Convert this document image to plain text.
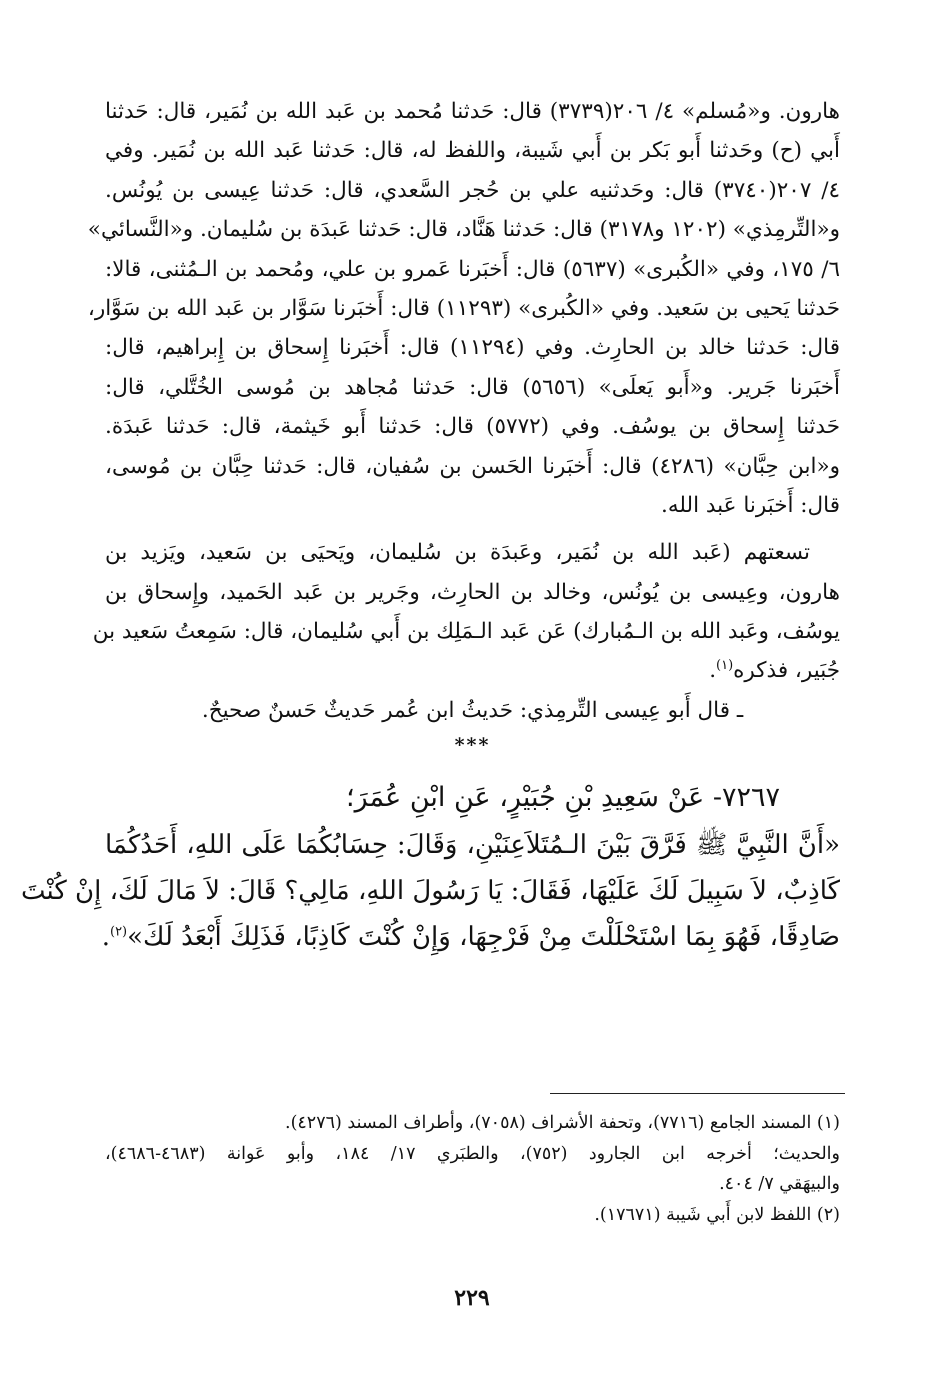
هارون. و«مُسلم» ٤/ ٢٠٦(٣٧٣٩) قال: حَدثنا مُحمد بن عَبد الله بن نُمَير، قال: حَدثنا
أَبي (ح) وحَدثنا أَبو بَكر بن أَبي شَيبة، واللفظ له، قال: حَدثنا عَبد الله بن نُمَير. وفي
٤/ ٢٠٧(٣٧٤٠) قال: وحَدثنيه علي بن حُجر السَّعدي، قال: حَدثنا عِيسى بن يُونُس.
و«التِّرمِذي» (١٢٠٢ و٣١٧٨) قال: حَدثنا هَنَّاد، قال: حَدثنا عَبدَة بن سُليمان. و«النَّسائي»
٦/ ١٧٥، وفي «الكُبرى» (٥٦٣٧) قال: أَخبَرنا عَمرو بن علي، ومُحمد بن الـمُثنى، قالا:
حَدثنا يَحيى بن سَعيد. وفي «الكُبرى» (١١٢٩٣) قال: أَخبَرنا سَوَّار بن عَبد الله بن سَوَّار،
قال: حَدثنا خالد بن الحارِث. وفي (١١٢٩٤) قال: أَخبَرنا إِسحاق بن إِبراهيم، قال:
أَخبَرنا جَرير. و«أَبو يَعلَى» (٥٦٥٦) قال: حَدثنا مُجاهد بن مُوسى الخُتَّلي، قال:
حَدثنا إِسحاق بن يوسُف. وفي (٥٧٧٢) قال: حَدثنا أَبو خَيثمة، قال: حَدثنا عَبدَة.
و«ابن حِبَّان» (٤٢٨٦) قال: أَخبَرنا الحَسن بن سُفيان، قال: حَدثنا حِبَّان بن مُوسى،
قال: أَخبَرنا عَبد الله.
تسعتهم (عَبد الله بن نُمَير، وعَبدَة بن سُليمان، ويَحيَى بن سَعيد، ويَزيد بن
هارون، وعِيسى بن يُونُس، وخالد بن الحارِث، وجَرير بن عَبد الحَميد، وإِسحاق بن
يوسُف، وعَبد الله بن الـمُبارك) عَن عَبد الـمَلِك بن أَبي سُليمان، قال: سَمِعتُ سَعيد بن
جُبَير، فذكره$^{(١)}$.
ـ قال أَبو عِيسى التِّرمِذي: حَديثُ ابن عُمر حَديثٌ حَسنٌ صحيحٌ.
***
٧٢٦٧- عَنْ سَعِيدِ بْنِ جُبَيْرٍ، عَنِ ابْنِ عُمَرَ؛
«أَنَّ النَّبِيَّ ﷺ فَرَّقَ بَيْنَ الـمُتَلاَعِنَيْنِ، وَقَالَ: حِسَابُكُمَا عَلَى اللهِ، أَحَدُكُمَا
كَاذِبٌ، لاَ سَبِيلَ لَكَ عَلَيْهَا، فَقَالَ: يَا رَسُولَ اللهِ، مَالِي؟ قَالَ: لاَ مَالَ لَكَ، إِنْ كُنْتَ
صَادِقًا، فَهُوَ بِمَا اسْتَحْلَلْتَ مِنْ فَرْجِهَا، وَإِنْ كُنْتَ كَاذِبًا، فَذَلِكَ أَبْعَدُ لَكَ»$^{(٢)}$.
(١) المسند الجامع (٧٧١٦)، وتحفة الأشراف (٧٠٥٨)، وأطراف المسند (٤٢٧٦).
والحديث؛ أخرجه ابن الجارود (٧٥٢)، والطبَري ١٧/ ١٨٤، وأبو عَوانة (٤٦٨٣-٤٦٨٦)،
والبيهَقي ٧/ ٤٠٤.
(٢) اللفظ لابن أَبي شَيبة (١٧٦٧١).
٢٢٩
